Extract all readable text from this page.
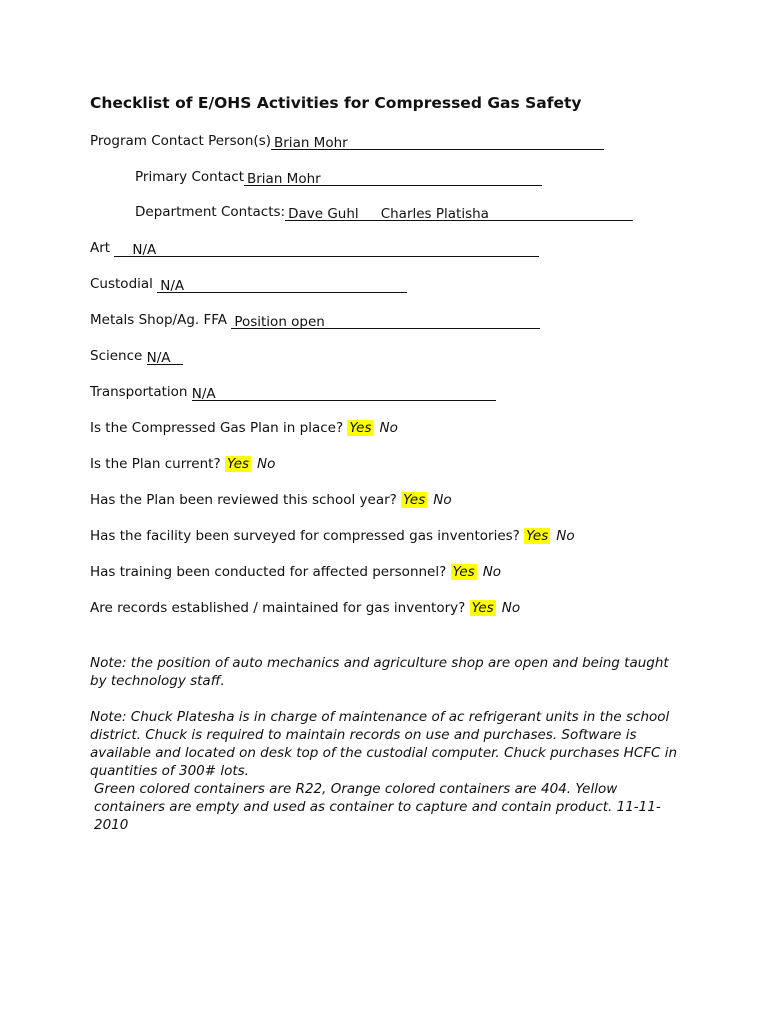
Checklist of E/OHS Activities for Compressed Gas Safety
Program Contact Person(s) Brian Mohr
Primary Contact Brian Mohr
Department Contacts: Dave Guhl Charles Platisha
Art N/A
Custodial N/A
Metals Shop/Ag. FFA Position open
Science N/A
Transportation N/A
Is the Compressed Gas Plan in place? Yes No
Is the Plan current? Yes No
Has the Plan been reviewed this school year? Yes No
Has the facility been surveyed for compressed gas inventories? Yes No
Has training been conducted for affected personnel? Yes No
Are records established / maintained for gas inventory? Yes No

Note: the position of auto mechanics and agriculture shop are open and being taught by technology staff.

Note: Chuck Platesha is in charge of maintenance of ac refrigerant units in the school district. Chuck is required to maintain records on use and purchases. Software is available and located on desk top of the custodial computer. Chuck purchases HCFC in quantities of 300# lots.

Green colored containers are R22, Orange colored containers are 404. Yellow containers are empty and used as container to capture and contain product. 11-11-2010
